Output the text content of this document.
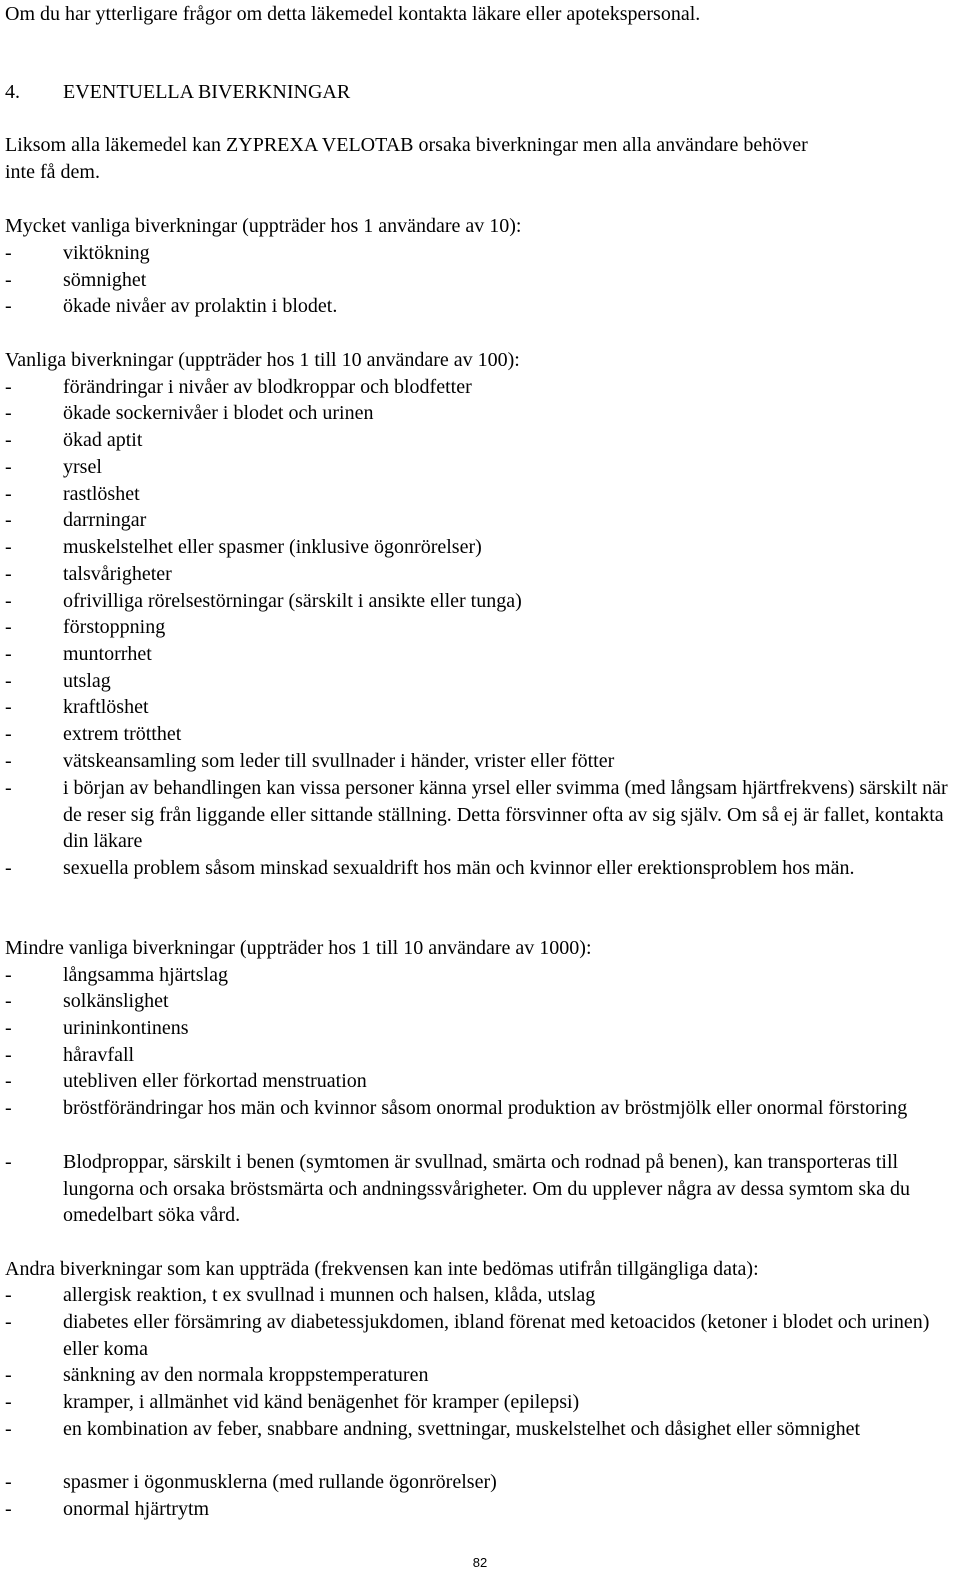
Om du har ytterligare frågor om detta läkemedel kontakta läkare eller apotekspersonal.
4. EVENTUELLA BIVERKNINGAR
Liksom alla läkemedel kan ZYPREXA VELOTAB orsaka biverkningar men alla användare behöver
inte få dem.
Mycket vanliga biverkningar (uppträder hos 1 användare av 10):
-	viktökning
-	sömnighet
-	ökade nivåer av prolaktin i blodet.
Vanliga biverkningar (uppträder hos 1 till 10 användare av 100):
-	förändringar i nivåer av blodkroppar och blodfetter
-	ökade sockernivåer i blodet och urinen
-	ökad aptit
-	yrsel
-	rastlöshet
-	darrningar
-	muskelstelhet eller spasmer (inklusive ögonrörelser)
-	talsvårigheter
-	ofrivilliga rörelsestörningar (särskilt i ansikte eller tunga)
-	förstoppning
-	muntorrhet
-	utslag
-	kraftlöshet
-	extrem trötthet
-	vätskeansamling som leder till svullnader i händer, vrister eller fötter
-	i början av behandlingen kan vissa personer känna yrsel eller svimma (med långsam hjärtfrekvens) särskilt när de reser sig från liggande eller sittande ställning. Detta försvinner ofta av sig själv. Om så ej är fallet, kontakta din läkare
-	sexuella problem såsom minskad sexualdrift hos män och kvinnor eller erektionsproblem hos män.
Mindre vanliga biverkningar (uppträder hos 1 till 10 användare av 1000):
-	långsamma hjärtslag
-	solkänslighet
-	urininkontinens
-	håravfall
-	utebliven eller förkortad menstruation
-	bröstförändringar hos män och kvinnor såsom onormal produktion av bröstmjölk eller onormal förstoring
-	Blodproppar, särskilt i benen (symtomen är svullnad, smärta och rodnad på benen), kan transporteras till lungorna och orsaka bröstsmärta och andningssvårigheter. Om du upplever några av dessa symtom ska du omedelbart söka vård.
Andra biverkningar som kan uppträda (frekvensen kan inte bedömas utifrån tillgängliga data):
-	allergisk reaktion, t ex svullnad i munnen och halsen, klåda, utslag
-	diabetes eller försämring av diabetessjukdomen, ibland förenat med ketoacidos (ketoner i blodet och urinen) eller koma
-	sänkning av den normala kroppstemperaturen
-	kramper, i allmänhet vid känd benägenhet för kramper (epilepsi)
-	en kombination av feber, snabbare andning, svettningar, muskelstelhet och dåsighet eller sömnighet
-	spasmer i ögonmusklerna (med rullande ögonrörelser)
-	onormal hjärtrytm
82
